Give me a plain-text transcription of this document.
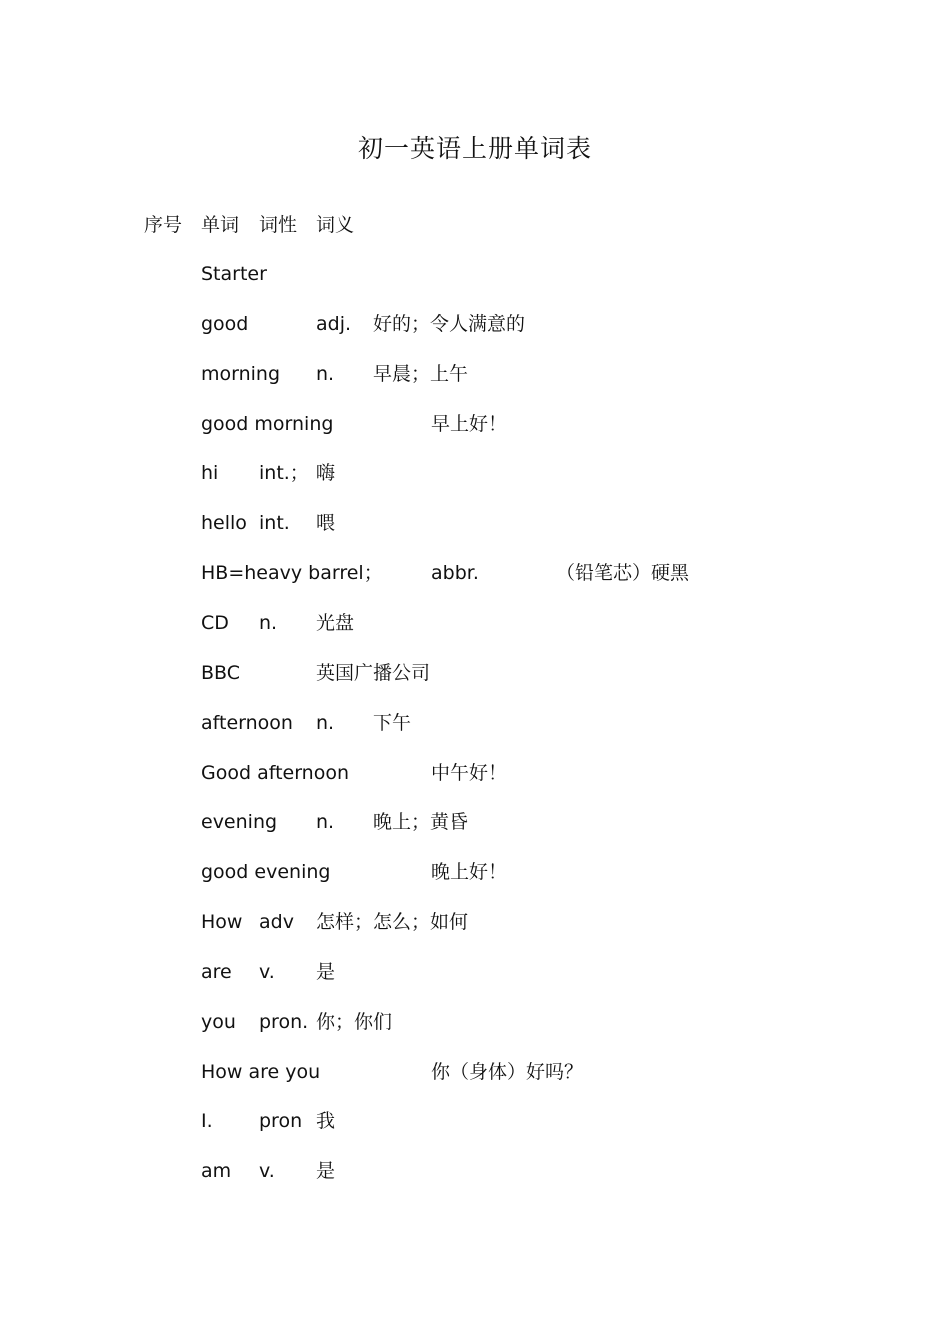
初一英语上册单词表
序号 单词 词性 词义
Starter
good	adj. 好的；令人满意的
morning n. 早晨；上午
good morning	早上好！
hi int.； 嗨
hello int. 喂
HB=heavy barrel；	abbr.	（铅笔芯）硬黑
CD n. 光盘
BBC	英国广播公司
afternoon n. 下午
Good afternoon	中午好！
evening n. 晚上；黄昏
good evening	晚上好！
How adv 怎样；怎么；如何
are v. 是
you pron. 你；你们
How are you	你（身体）好吗？
I. pron 我
am v. 是
